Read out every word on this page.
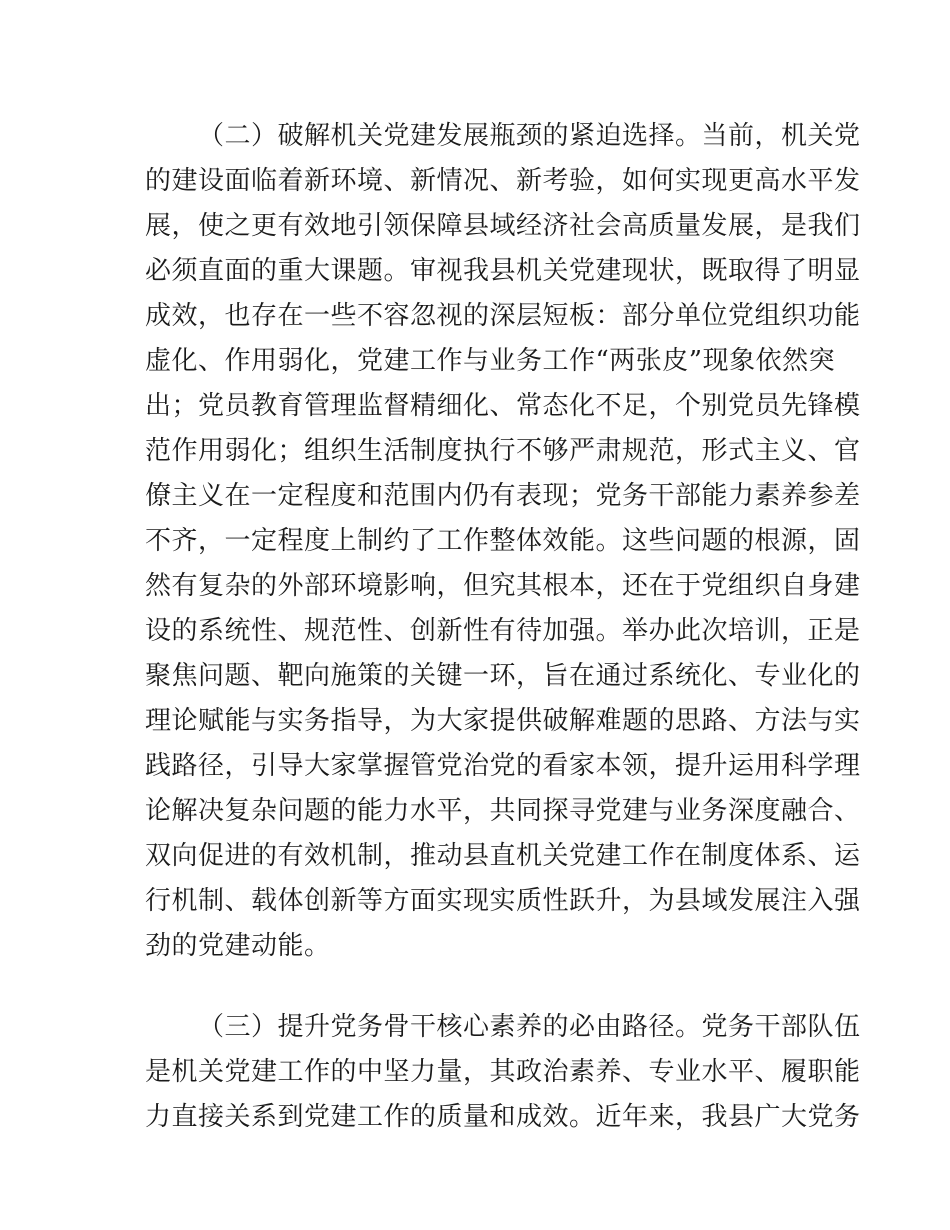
（二）破解机关党建发展瓶颈的紧迫选择。当前，机关党
的建设面临着新环境、新情况、新考验，如何实现更高水平发
展，使之更有效地引领保障县域经济社会高质量发展，是我们
必须直面的重大课题。审视我县机关党建现状，既取得了明显
成效，也存在一些不容忽视的深层短板：部分单位党组织功能
虚化、作用弱化，党建工作与业务工作“两张皮”现象依然突
出；党员教育管理监督精细化、常态化不足，个别党员先锋模
范作用弱化；组织生活制度执行不够严肃规范，形式主义、官
僚主义在一定程度和范围内仍有表现；党务干部能力素养参差
不齐，一定程度上制约了工作整体效能。这些问题的根源，固
然有复杂的外部环境影响，但究其根本，还在于党组织自身建
设的系统性、规范性、创新性有待加强。举办此次培训，正是
聚焦问题、靶向施策的关键一环，旨在通过系统化、专业化的
理论赋能与实务指导，为大家提供破解难题的思路、方法与实
践路径，引导大家掌握管党治党的看家本领，提升运用科学理
论解决复杂问题的能力水平，共同探寻党建与业务深度融合、
双向促进的有效机制，推动县直机关党建工作在制度体系、运
行机制、载体创新等方面实现实质性跃升，为县域发展注入强
劲的党建动能。
（三）提升党务骨干核心素养的必由路径。党务干部队伍
是机关党建工作的中坚力量，其政治素养、专业水平、履职能
力直接关系到党建工作的质量和成效。近年来，我县广大党务
